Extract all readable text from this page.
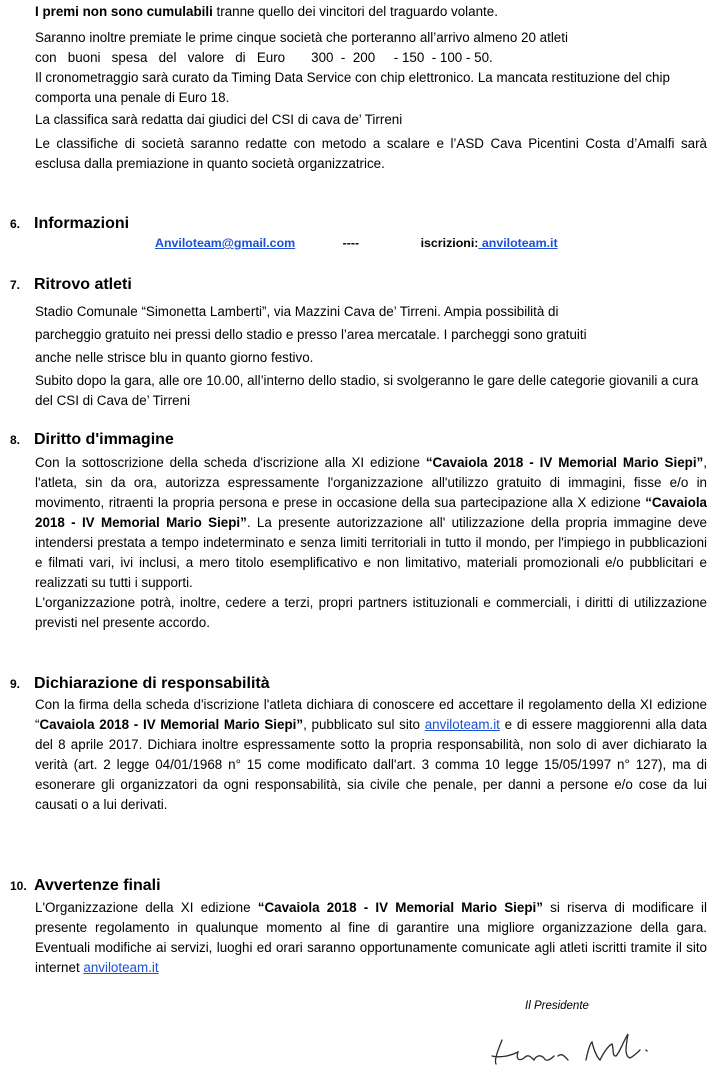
I premi non sono cumulabili tranne quello dei vincitori del traguardo volante.

Saranno inoltre premiate le prime cinque società che porteranno all’arrivo almeno 20 atleti

con   buoni   spesa   del   valore   di   Euro       300  -  200     - 150  - 100 - 50.

Il cronometraggio sarà curato da Timing Data Service con chip elettronico. La mancata restituzione del chip comporta una penale di Euro 18.

La classifica sarà redatta dai giudici del CSI di cava de’ Tirreni

Le classifiche di società saranno redatte con metodo a scalare e l’ASD Cava Picentini Costa d’Amalfi sarà esclusa dalla premiazione in quanto società organizzatrice.

6. Informazioni
Anviloteam@gmail.com	----	iscrizioni: anviloteam.it
7. Ritrovo atleti

Stadio Comunale “Simonetta Lamberti”, via Mazzini Cava de’ Tirreni. Ampia possibilità di

parcheggio gratuito nei pressi dello stadio e presso l’area mercatale. I parcheggi sono gratuiti

anche nelle strisce blu in quanto giorno festivo.

Subito dopo la gara, alle ore 10.00, all’interno dello stadio, si svolgeranno le gare delle categorie giovanili a cura del CSI di Cava de’ Tirreni

8. Diritto d'immagine

Con la sottoscrizione della scheda d'iscrizione alla XI edizione “Cavaiola 2018 - IV Memorial Mario Siepi”, l'atleta, sin da ora, autorizza espressamente l'organizzazione all'utilizzo gratuito di immagini, fisse e/o in movimento, ritraenti la propria persona e prese in occasione della sua partecipazione alla X edizione “Cavaiola 2018 - IV Memorial Mario Siepi”. La presente autorizzazione all' utilizzazione della propria immagine deve intendersi prestata a tempo indeterminato e senza limiti territoriali in tutto il mondo, per l'impiego in pubblicazioni e filmati vari, ivi inclusi, a mero titolo esemplificativo e non limitativo, materiali promozionali e/o pubblicitari e realizzati su tutti i supporti.

L'organizzazione potrà, inoltre, cedere a terzi, propri partners istituzionali e commerciali, i diritti di utilizzazione previsti nel presente accordo.

9. Dichiarazione di responsabilità

Con la firma della scheda d'iscrizione l'atleta dichiara di conoscere ed accettare il regolamento della XI edizione “Cavaiola 2018 - IV Memorial Mario Siepi”, pubblicato sul sito anviloteam.it e di essere maggiorenni alla data del 8 aprile 2017. Dichiara inoltre espressamente sotto la propria responsabilità, non solo di aver dichiarato la verità (art. 2 legge 04/01/1968 n° 15 come modificato dall'art. 3 comma 10 legge 15/05/1997 n° 127), ma di esonerare gli organizzatori da ogni responsabilità, sia civile che penale, per danni a persone e/o cose da lui causati o a lui derivati.

10. Avvertenze finali

L'Organizzazione della XI edizione “Cavaiola 2018 - IV Memorial Mario Siepi” si riserva di modificare il presente regolamento in qualunque momento al fine di garantire una migliore organizzazione della gara. Eventuali modifiche ai servizi, luoghi ed orari saranno opportunamente comunicate agli atleti iscritti tramite il sito internet anviloteam.it

Il Presidente
